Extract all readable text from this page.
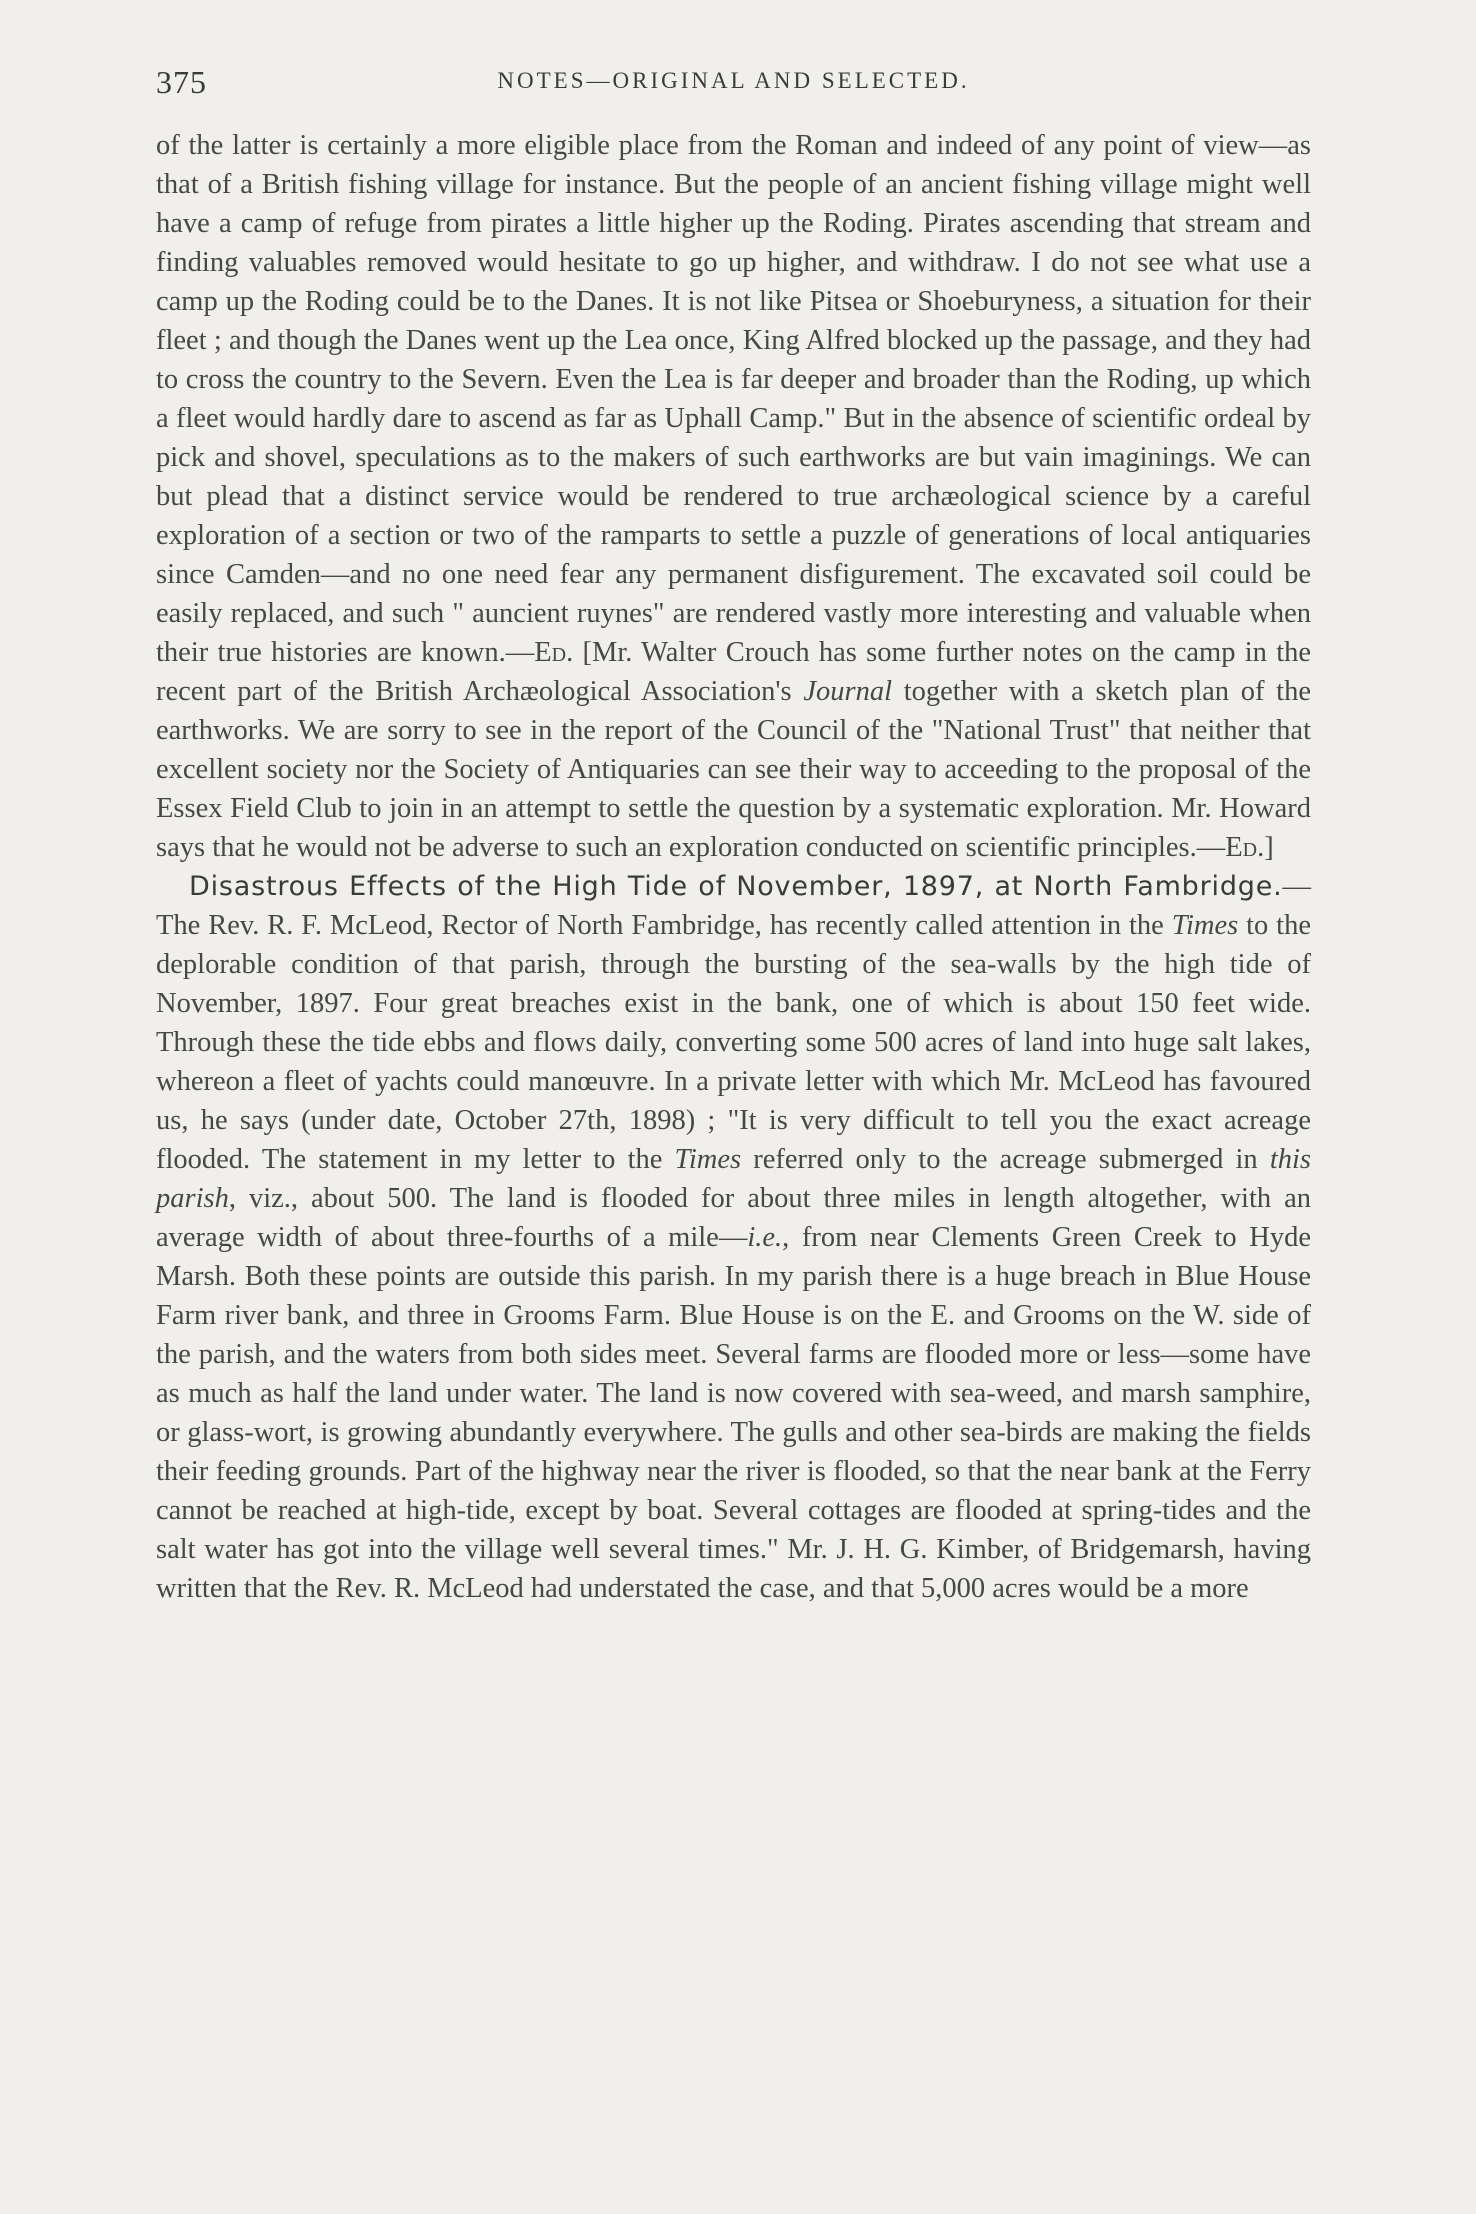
375	NOTES—ORIGINAL AND SELECTED.

of the latter is certainly a more eligible place from the Roman and indeed of any point of view—as that of a British fishing village for instance. But the people of an ancient fishing village might well have a camp of refuge from pirates a little higher up the Roding. Pirates ascending that stream and finding valuables removed would hesitate to go up higher, and withdraw. I do not see what use a camp up the Roding could be to the Danes. It is not like Pitsea or Shoeburyness, a situation for their fleet ; and though the Danes went up the Lea once, King Alfred blocked up the passage, and they had to cross the country to the Severn. Even the Lea is far deeper and broader than the Roding, up which a fleet would hardly dare to ascend as far as Uphall Camp." But in the absence of scientific ordeal by pick and shovel, speculations as to the makers of such earthworks are but vain imaginings. We can but plead that a distinct service would be rendered to true archæological science by a careful exploration of a section or two of the ramparts to settle a puzzle of generations of local antiquaries since Camden—and no one need fear any permanent disfigurement. The excavated soil could be easily replaced, and such " auncient ruynes" are rendered vastly more interesting and valuable when their true histories are known.—Ed. [Mr. Walter Crouch has some further notes on the camp in the recent part of the British Archæological Association's Journal together with a sketch plan of the earthworks. We are sorry to see in the report of the Council of the "National Trust" that neither that excellent society nor the Society of Antiquaries can see their way to acceeding to the proposal of the Essex Field Club to join in an attempt to settle the question by a systematic exploration. Mr. Howard says that he would not be adverse to such an exploration conducted on scientific principles.—Ed.]

Disastrous Effects of the High Tide of November, 1897, at North Fambridge.—The Rev. R. F. McLeod, Rector of North Fambridge, has recently called attention in the Times to the deplorable condition of that parish, through the bursting of the sea-walls by the high tide of November, 1897. Four great breaches exist in the bank, one of which is about 150 feet wide. Through these the tide ebbs and flows daily, converting some 500 acres of land into huge salt lakes, whereon a fleet of yachts could manœuvre. In a private letter with which Mr. McLeod has favoured us, he says (under date, October 27th, 1898) ; "It is very difficult to tell you the exact acreage flooded. The statement in my letter to the Times referred only to the acreage submerged in this parish, viz., about 500. The land is flooded for about three miles in length altogether, with an average width of about three-fourths of a mile—i.e., from near Clements Green Creek to Hyde Marsh. Both these points are outside this parish. In my parish there is a huge breach in Blue House Farm river bank, and three in Grooms Farm. Blue House is on the E. and Grooms on the W. side of the parish, and the waters from both sides meet. Several farms are flooded more or less—some have as much as half the land under water. The land is now covered with sea-weed, and marsh samphire, or glass-wort, is growing abundantly everywhere. The gulls and other sea-birds are making the fields their feeding grounds. Part of the highway near the river is flooded, so that the near bank at the Ferry cannot be reached at high-tide, except by boat. Several cottages are flooded at spring-tides and the salt water has got into the village well several times." Mr. J. H. G. Kimber, of Bridgemarsh, having written that the Rev. R. McLeod had understated the case, and that 5,000 acres would be a more
